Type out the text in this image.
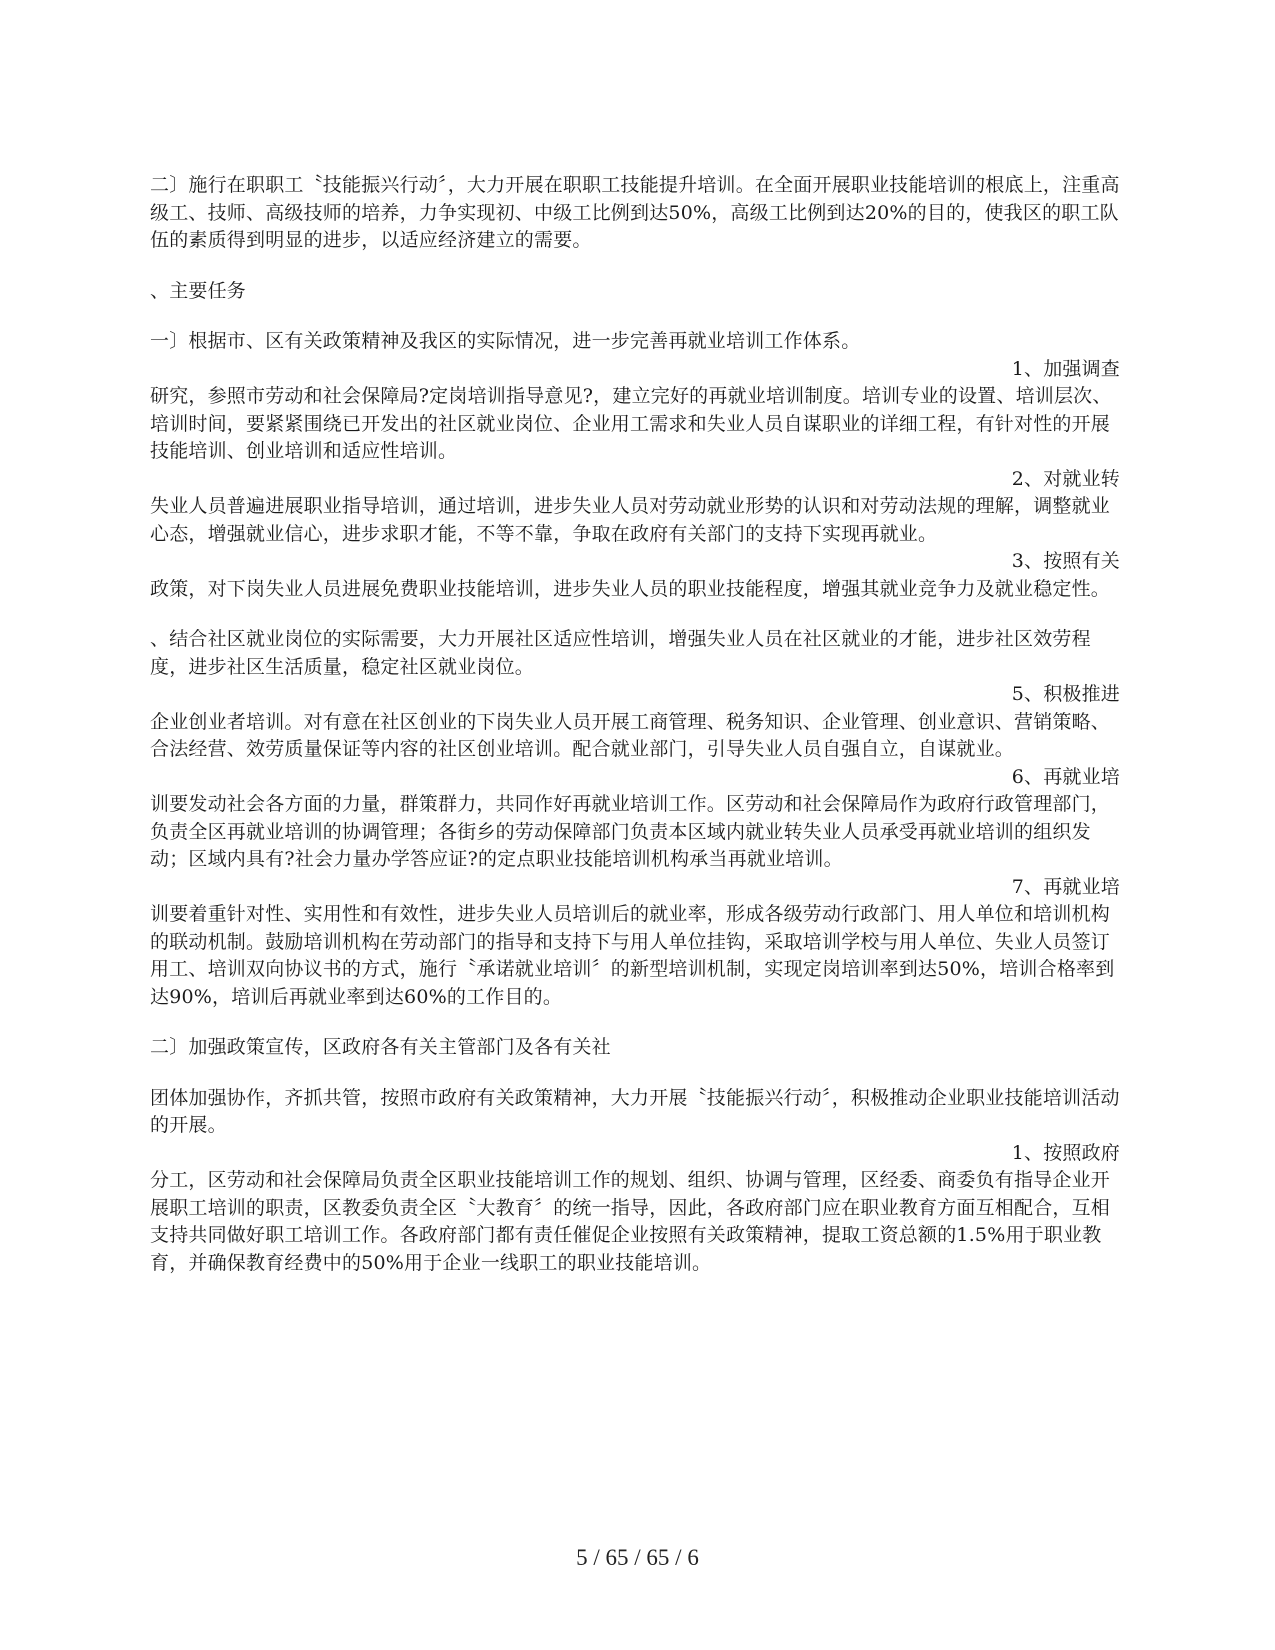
二〕施行在职职工〝技能振兴行动〞，大力开展在职职工技能提升培训。在全面开展职业技能培训的根底上，注重高级工、技师、高级技师的培养，力争实现初、中级工比例到达50%，高级工比例到达20%的目的，使我区的职工队伍的素质得到明显的进步，以适应经济建立的需要。

、主要任务

一〕根据市、区有关政策精神及我区的实际情况，进一步完善再就业培训工作体系。

1、加强调查

研究，参照市劳动和社会保障局?定岗培训指导意见?，建立完好的再就业培训制度。培训专业的设置、培训层次、培训时间，要紧紧围绕已开发出的社区就业岗位、企业用工需求和失业人员自谋职业的详细工程，有针对性的开展技能培训、创业培训和适应性培训。

2、对就业转

失业人员普遍进展职业指导培训，通过培训，进步失业人员对劳动就业形势的认识和对劳动法规的理解，调整就业心态，增强就业信心，进步求职才能，不等不靠，争取在政府有关部门的支持下实现再就业。

3、按照有关

政策，对下岗失业人员进展免费职业技能培训，进步失业人员的职业技能程度，增强其就业竞争力及就业稳定性。

、结合社区就业岗位的实际需要，大力开展社区适应性培训，增强失业人员在社区就业的才能，进步社区效劳程度，进步社区生活质量，稳定社区就业岗位。

5、积极推进

企业创业者培训。对有意在社区创业的下岗失业人员开展工商管理、税务知识、企业管理、创业意识、营销策略、合法经营、效劳质量保证等内容的社区创业培训。配合就业部门，引导失业人员自强自立，自谋就业。

6、再就业培

训要发动社会各方面的力量，群策群力，共同作好再就业培训工作。区劳动和社会保障局作为政府行政管理部门，负责全区再就业培训的协调管理；各街乡的劳动保障部门负责本区域内就业转失业人员承受再就业培训的组织发动；区域内具有?社会力量办学答应证?的定点职业技能培训机构承当再就业培训。

7、再就业培

训要着重针对性、实用性和有效性，进步失业人员培训后的就业率，形成各级劳动行政部门、用人单位和培训机构的联动机制。鼓励培训机构在劳动部门的指导和支持下与用人单位挂钩，采取培训学校与用人单位、失业人员签订用工、培训双向协议书的方式，施行〝承诺就业培训〞的新型培训机制，实现定岗培训率到达50%，培训合格率到达90%，培训后再就业率到达60%的工作目的。

二〕加强政策宣传，区政府各有关主管部门及各有关社

团体加强协作，齐抓共管，按照市政府有关政策精神，大力开展〝技能振兴行动〞，积极推动企业职业技能培训活动的开展。

1、按照政府

分工，区劳动和社会保障局负责全区职业技能培训工作的规划、组织、协调与管理，区经委、商委负有指导企业开展职工培训的职责，区教委负责全区〝大教育〞的统一指导，因此，各政府部门应在职业教育方面互相配合，互相支持共同做好职工培训工作。各政府部门都有责任催促企业按照有关政策精神，提取工资总额的1.5%用于职业教育，并确保教育经费中的50%用于企业一线职工的职业技能培训。

5 / 65 / 65 / 6
